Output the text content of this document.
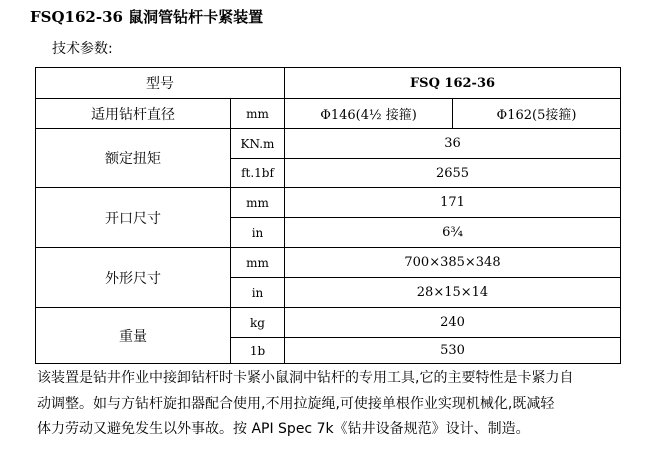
FSQ162-36 鼠洞管钻杆卡紧装置
技术参数:
型号		FSQ 162-36	
适用钻杆直径	mm	Φ146(4½ 接箍)	Φ162(5接箍)
额定扭矩	KN.m	36	
	ft.1bf	2655	
开口尺寸	mm	171	
	in	6¾	
外形尺寸	mm	700×385×348	
	in	28×15×14	
重量	kg	240	
	1b	530	
该装置是钻井作业中接卸钻杆时卡紧小鼠洞中钻杆的专用工具,它的主要特性是卡紧力自
动调整。如与方钻杆旋扣器配合使用,不用拉旋绳,可使接单根作业实现机械化,既减轻
体力劳动又避免发生以外事故。按 API Spec 7k《钻井设备规范》设计、制造。
